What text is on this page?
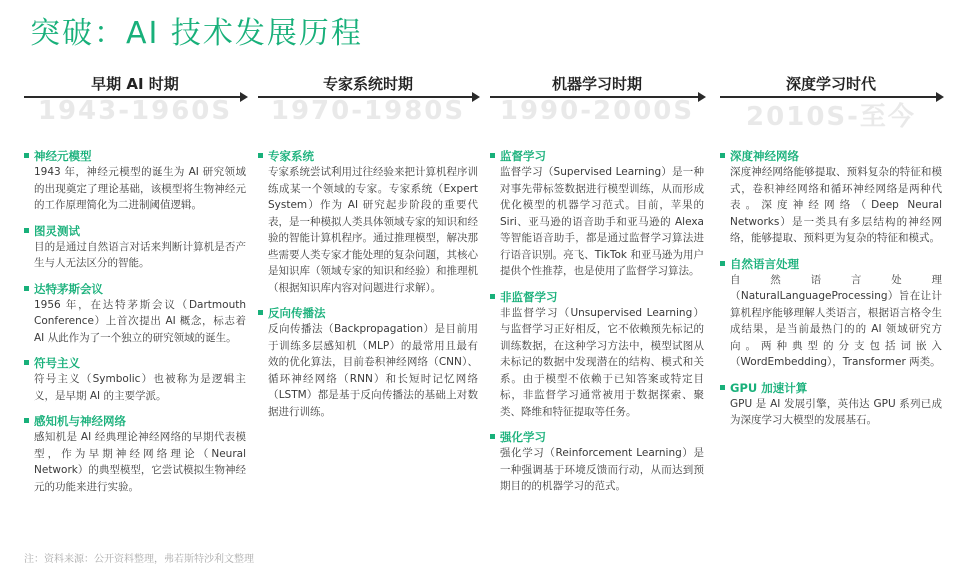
突破：AI 技术发展历程
早期 AI 时期
1943-1960S
神经元模型
1943 年，神经元模型的诞生为 AI 研究领域的出现奠定了理论基础，该模型将生物神经元的工作原理简化为二进制阈值逻辑。
图灵测试
目的是通过自然语言对话来判断计算机是否产生与人无法区分的智能。
达特茅斯会议
1956 年，在达特茅斯会议（Dartmouth Conference）上首次提出 AI 概念，标志着 AI 从此作为了一个独立的研究领域的诞生。
符号主义
符号主义（Symbolic）也被称为是逻辑主义，是早期 AI 的主要学派。
感知机与神经网络
感知机是 AI 经典理论神经网络的早期代表模型，作为早期神经网络理论（Neural Network）的典型模型，它尝试模拟生物神经元的功能来进行实验。
专家系统时期
1970-1980S
专家系统
专家系统尝试利用过往经验来把计算机程序训练成某一个领域的专家。专家系统（Expert System）作为 AI 研究起步阶段的重要代表，是一种模拟人类具体领域专家的知识和经验的智能计算机程序。通过推理模型，解决那些需要人类专家才能处理的复杂问题，其核心是知识库（领域专家的知识和经验）和推理机（根据知识库内容对问题进行求解）。
反向传播法
反向传播法（Backpropagation）是目前用于训练多层感知机（MLP）的最常用且最有效的优化算法，目前卷积神经网络（CNN）、循环神经网络（RNN）和长短时记忆网络（LSTM）都是基于反向传播法的基础上对数据进行训练。
机器学习时期
1990-2000S
监督学习
监督学习（Supervised Learning）是一种对事先带标签数据进行模型训练，从而形成优化模型的机器学习范式。目前，苹果的 Siri、亚马逊的语音助手和亚马逊的 Alexa 等智能语音助手，都是通过监督学习算法进行语音识别。亮飞、TikTok 和亚马逊为用户提供个性推荐，也是使用了监督学习算法。
非监督学习
非监督学习（Unsupervised Learning）与监督学习正好相反，它不依赖预先标记的训练数据，在这种学习方法中，模型试图从未标记的数据中发现潜在的结构、模式和关系。由于模型不依赖于已知答案或特定目标，非监督学习通常被用于数据探索、聚类、降维和特征提取等任务。
强化学习
强化学习（Reinforcement Learning）是一种强调基于环境反馈而行动，从而达到预期目的的机器学习的范式。
深度学习时代
2010S-至今
深度神经网络
深度神经网络能够提取、预料复杂的特征和模式，卷积神经网络和循环神经网络是两种代表。深度神经网络（Deep Neural Networks）是一类具有多层结构的神经网络，能够提取、预料更为复杂的特征和模式。
自然语言处理
自然语言处理（NaturalLanguageProcessing）旨在让计算机程序能够理解人类语言，根据语言格令生成结果，是当前最热门的的 AI 领域研究方向。两种典型的分支包括词嵌入（WordEmbedding），Transformer 两类。
GPU 加速计算
GPU 是 AI 发展引擎，英伟达 GPU 系列已成为深度学习大模型的发展基石。
注：资料来源：公开资料整理，弗若斯特沙利文整理
